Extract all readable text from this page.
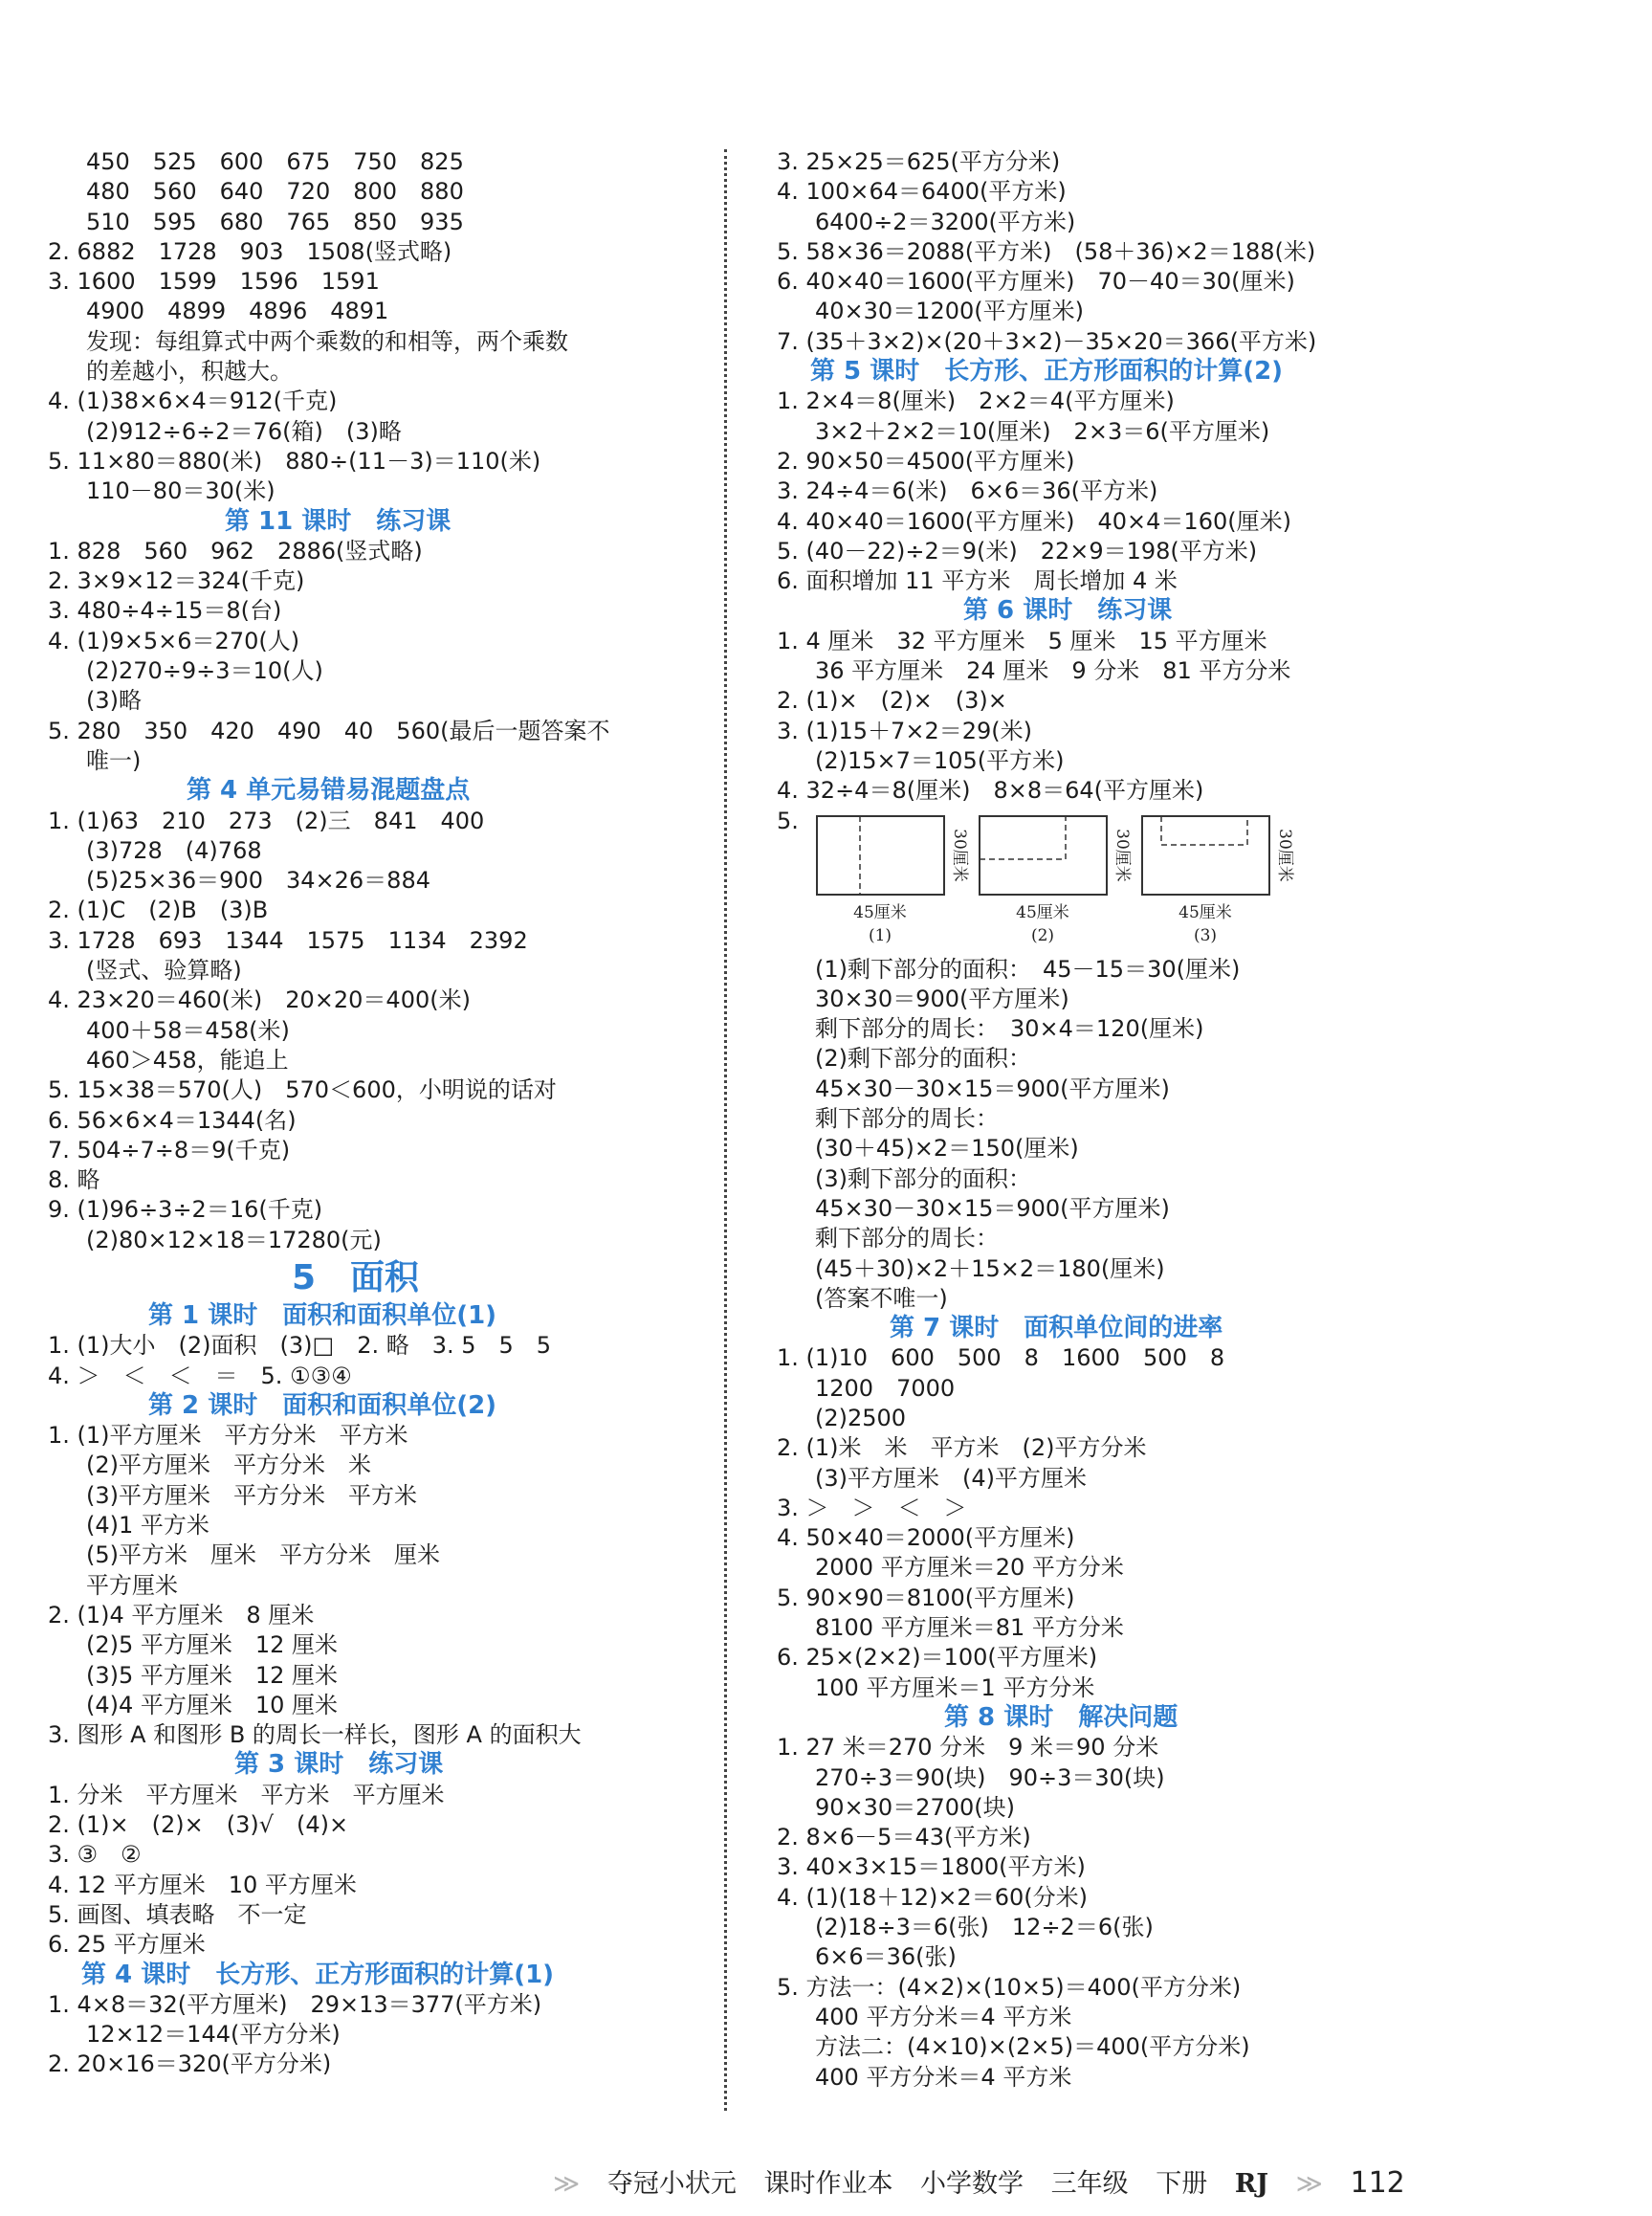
450　525　600　675　750　825
480　560　640　720　800　880
510　595　680　765　850　935
2. 6882　1728　903　1508(竖式略)
3. 1600　1599　1596　1591
4900　4899　4896　4891
发现：每组算式中两个乘数的和相等，两个乘数
的差越小，积越大。
4. (1)38×6×4＝912(千克)
(2)912÷6÷2＝76(箱)　(3)略
5. 11×80＝880(米)　880÷(11－3)＝110(米)
110－80＝30(米)
第 11 课时　练习课
1. 828　560　962　2886(竖式略)
2. 3×9×12＝324(千克)
3. 480÷4÷15＝8(台)
4. (1)9×5×6＝270(人)
(2)270÷9÷3＝10(人)
(3)略
5. 280　350　420　490　40　560(最后一题答案不
唯一)
第 4 单元易错易混题盘点
1. (1)63　210　273　(2)三　841　400
(3)728　(4)768
(5)25×36＝900　34×26＝884
2. (1)C　(2)B　(3)B
3. 1728　693　1344　1575　1134　2392
(竖式、验算略)
4. 23×20＝460(米)　20×20＝400(米)
400＋58＝458(米)
460＞458，能追上
5. 15×38＝570(人)　570＜600，小明说的话对
6. 56×6×4＝1344(名)
7. 504÷7÷8＝9(千克)
8. 略
9. (1)96÷3÷2＝16(千克)
(2)80×12×18＝17280(元)
5　面积
第 1 课时　面积和面积单位(1)
1. (1)大小　(2)面积　(3)□　2. 略　3. 5　5　5
4. ＞　＜　＜　＝　5. ①③④
第 2 课时　面积和面积单位(2)
1. (1)平方厘米　平方分米　平方米
(2)平方厘米　平方分米　米
(3)平方厘米　平方分米　平方米
(4)1 平方米
(5)平方米　厘米　平方分米　厘米
平方厘米
2. (1)4 平方厘米　8 厘米
(2)5 平方厘米　12 厘米
(3)5 平方厘米　12 厘米
(4)4 平方厘米　10 厘米
3. 图形 A 和图形 B 的周长一样长，图形 A 的面积大
第 3 课时　练习课
1. 分米　平方厘米　平方米　平方厘米
2. (1)×　(2)×　(3)√　(4)×
3. ③　②
4. 12 平方厘米　10 平方厘米
5. 画图、填表略　不一定
6. 25 平方厘米
第 4 课时　长方形、正方形面积的计算(1)
1. 4×8＝32(平方厘米)　29×13＝377(平方米)
12×12＝144(平方分米)
2. 20×16＝320(平方分米)
3. 25×25＝625(平方分米)
4. 100×64＝6400(平方米)
6400÷2＝3200(平方米)
5. 58×36＝2088(平方米)　(58＋36)×2＝188(米)
6. 40×40＝1600(平方厘米)　70－40＝30(厘米)
40×30＝1200(平方厘米)
7. (35＋3×2)×(20＋3×2)－35×20＝366(平方米)
第 5 课时　长方形、正方形面积的计算(2)
1. 2×4＝8(厘米)　2×2＝4(平方厘米)
3×2＋2×2＝10(厘米)　2×3＝6(平方厘米)
2. 90×50＝4500(平方厘米)
3. 24÷4＝6(米)　6×6＝36(平方米)
4. 40×40＝1600(平方厘米)　40×4＝160(厘米)
5. (40－22)÷2＝9(米)　22×9＝198(平方米)
6. 面积增加 11 平方米　周长增加 4 米
第 6 课时　练习课
1. 4 厘米　32 平方厘米　5 厘米　15 平方厘米
36 平方厘米　24 厘米　9 分米　81 平方分米
2. (1)×　(2)×　(3)×
3. (1)15＋7×2＝29(米)
(2)15×7＝105(平方米)
4. 32÷4＝8(厘米)　8×8＝64(平方厘米)
5.
45厘米
30厘米
(1)
45厘米
30厘米
(2)
45厘米
30厘米
(3)
(1)剩下部分的面积：　45－15＝30(厘米)
30×30＝900(平方厘米)
剩下部分的周长：　30×4＝120(厘米)
(2)剩下部分的面积：
45×30－30×15＝900(平方厘米)
剩下部分的周长：
(30＋45)×2＝150(厘米)
(3)剩下部分的面积：
45×30－30×15＝900(平方厘米)
剩下部分的周长：
(45＋30)×2＋15×2＝180(厘米)
(答案不唯一)
第 7 课时　面积单位间的进率
1. (1)10　600　500　8　1600　500　8
1200　7000
(2)2500
2. (1)米　米　平方米　(2)平方分米
(3)平方厘米　(4)平方厘米
3. ＞　＞　＜　＞
4. 50×40＝2000(平方厘米)
2000 平方厘米＝20 平方分米
5. 90×90＝8100(平方厘米)
8100 平方厘米＝81 平方分米
6. 25×(2×2)＝100(平方厘米)
100 平方厘米＝1 平方分米
第 8 课时　解决问题
1. 27 米＝270 分米　9 米＝90 分米
270÷3＝90(块)　90÷3＝30(块)
90×30＝2700(块)
2. 8×6－5＝43(平方米)
3. 40×3×15＝1800(平方米)
4. (1)(18＋12)×2＝60(分米)
(2)18÷3＝6(张)　12÷2＝6(张)
6×6＝36(张)
5. 方法一：(4×2)×(10×5)＝400(平方分米)
400 平方分米＝4 平方米
方法二：(4×10)×(2×5)＝400(平方分米)
400 平方分米＝4 平方米
≫ 夺冠小状元 课时作业本 小学数学 三年级 下册 RJ ≫ 112
